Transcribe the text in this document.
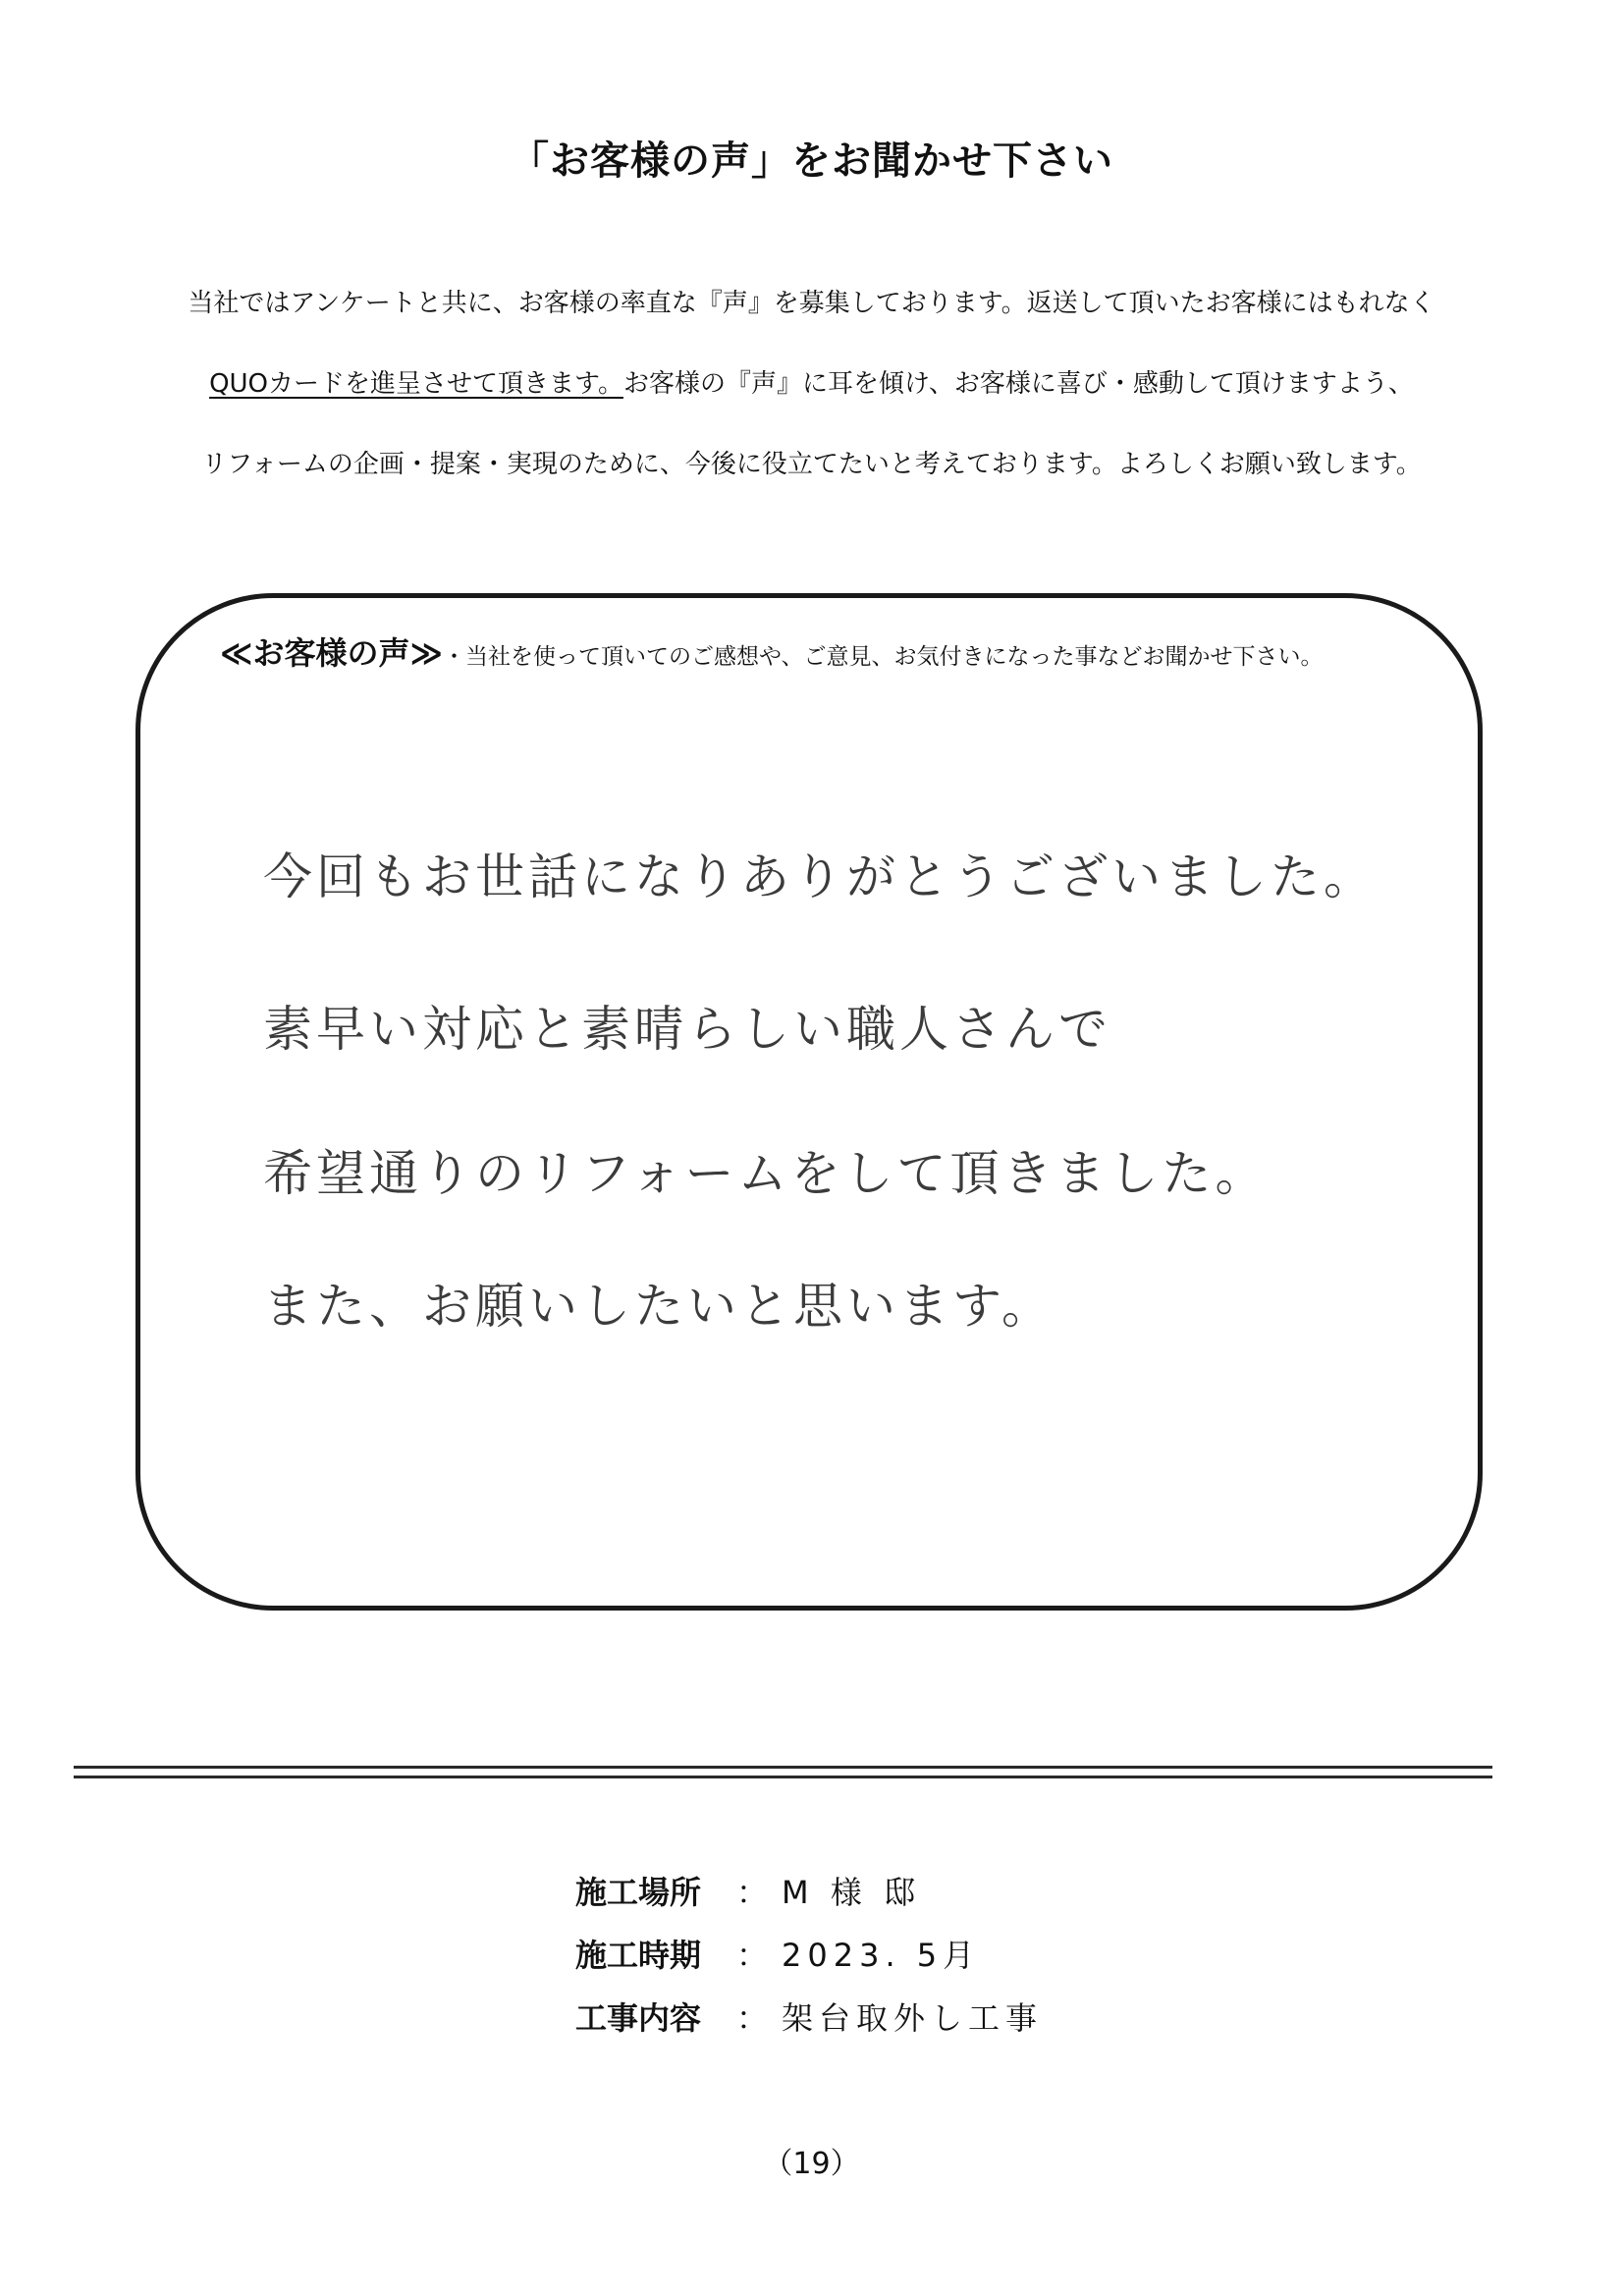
「お客様の声」をお聞かせ下さい
当社ではアンケートと共に、お客様の率直な『声』を募集しております。返送して頂いたお客様にはもれなく
QUOカードを進呈させて頂きます。お客様の『声』に耳を傾け、お客様に喜び・感動して頂けますよう、
リフォームの企画・提案・実現のために、今後に役立てたいと考えております。よろしくお願い致します。
≪お客様の声≫・当社を使って頂いてのご感想や、ご意見、お気付きになった事などお聞かせ下さい。
今回もお世話になりありがとうございました。
素早い対応と素晴らしい職人さんで
希望通りのリフォームをして頂きました。
また、お願いしたいと思います。
施工場所 ： M 様 邸
施工時期 ： 2023. 5月
工事内容 ： 架台取外し工事
（19）
